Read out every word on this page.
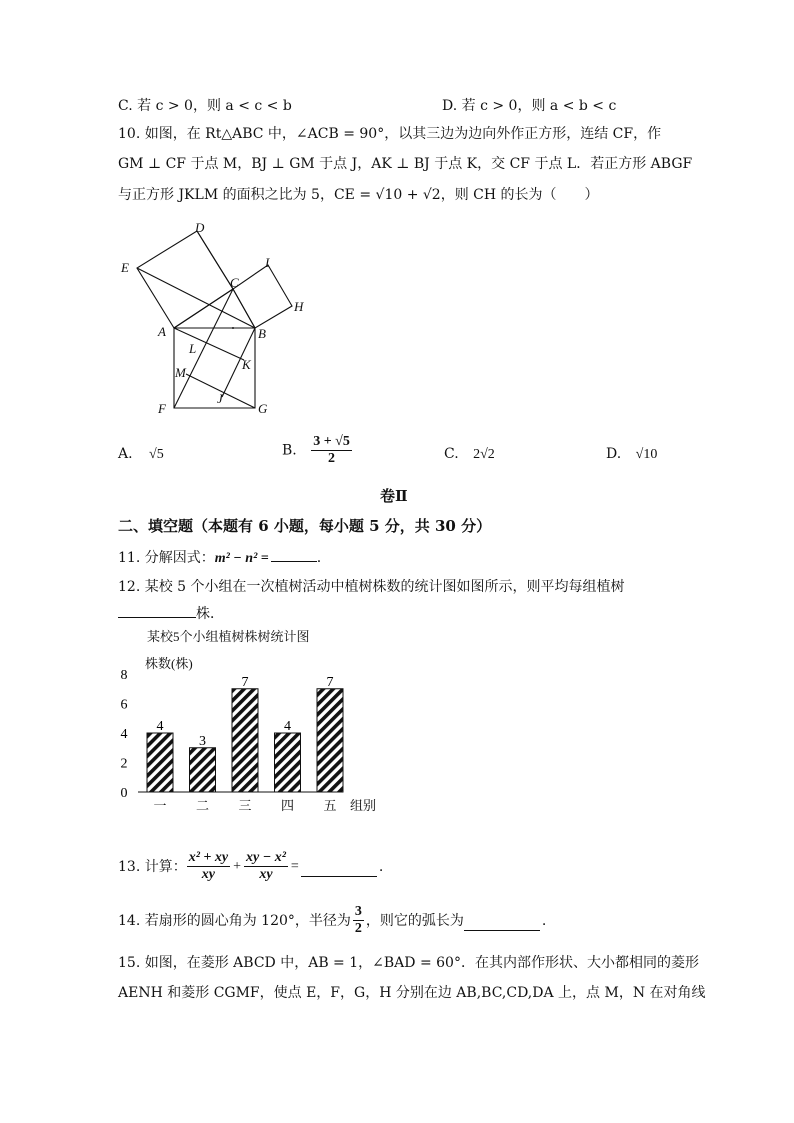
C. 若 c > 0，则 a < c < b	D. 若 c > 0，则 a < b < c
10. 如图，在 Rt△ABC 中，∠ACB = 90°，以其三边为边向外作正方形，连结 CF，作
GM ⊥ CF 于点 M，BJ ⊥ GM 于点 J，AK ⊥ BJ 于点 K，交 CF 于点 L．若正方形 ABGF
与正方形 JKLM 的面积之比为 5，CE = √10 + √2，则 CH 的长为（　　）
D
E	I
C
H
A	B
L
M
K
J
F	G
A. √5	B. $\frac{3 + √5}{2}$	C. 2√2	D. √10
卷Ⅱ
二、填空题（本题有 6 小题，每小题 5 分，共 30 分）
11. 分解因式：m² − n² =	.
12. 某校 5 个小组在一次植树活动中植树株数的统计图如图所示，则平均每组植树
株．
某校5个小组植树株树统计图
株数(株)
0
2
4
6
8
4
3
7
4
7
一 二 三 四 五 组别
13. 计算： $\frac{\text{x² + xy}}{xy} + \frac{\text{xy − x²}}{xy}$ =	.
14. 若扇形的圆心角为 120°，半径为 $\frac{3}{2}$ ，则它的弧长为	.
15. 如图，在菱形 ABCD 中，AB = 1，∠BAD = 60°．在其内部作形状、大小都相同的菱形
AENH 和菱形 CGMF，使点 E，F，G，H 分别在边 AB,BC,CD,DA 上，点 M，N 在对角线
